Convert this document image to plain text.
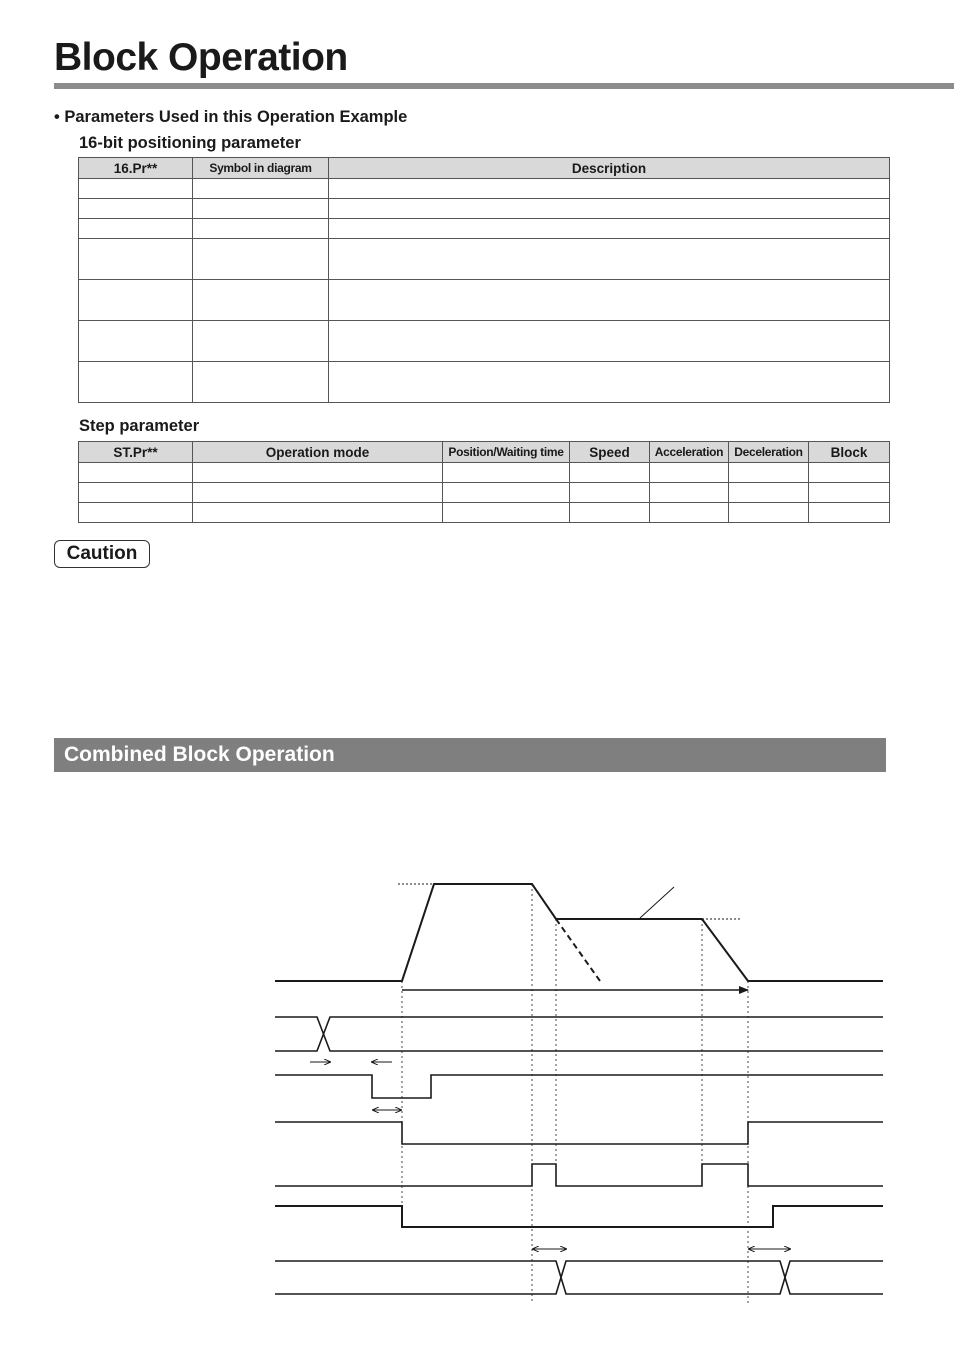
Block Operation
• Parameters Used in this Operation Example
16-bit positioning parameter
16.Pr**	Symbol in diagram	Description

Step parameter
ST.Pr**	Operation mode	Position/Waiting time	Speed	Acceleration	Deceleration	Block

Caution
Combined Block Operation
